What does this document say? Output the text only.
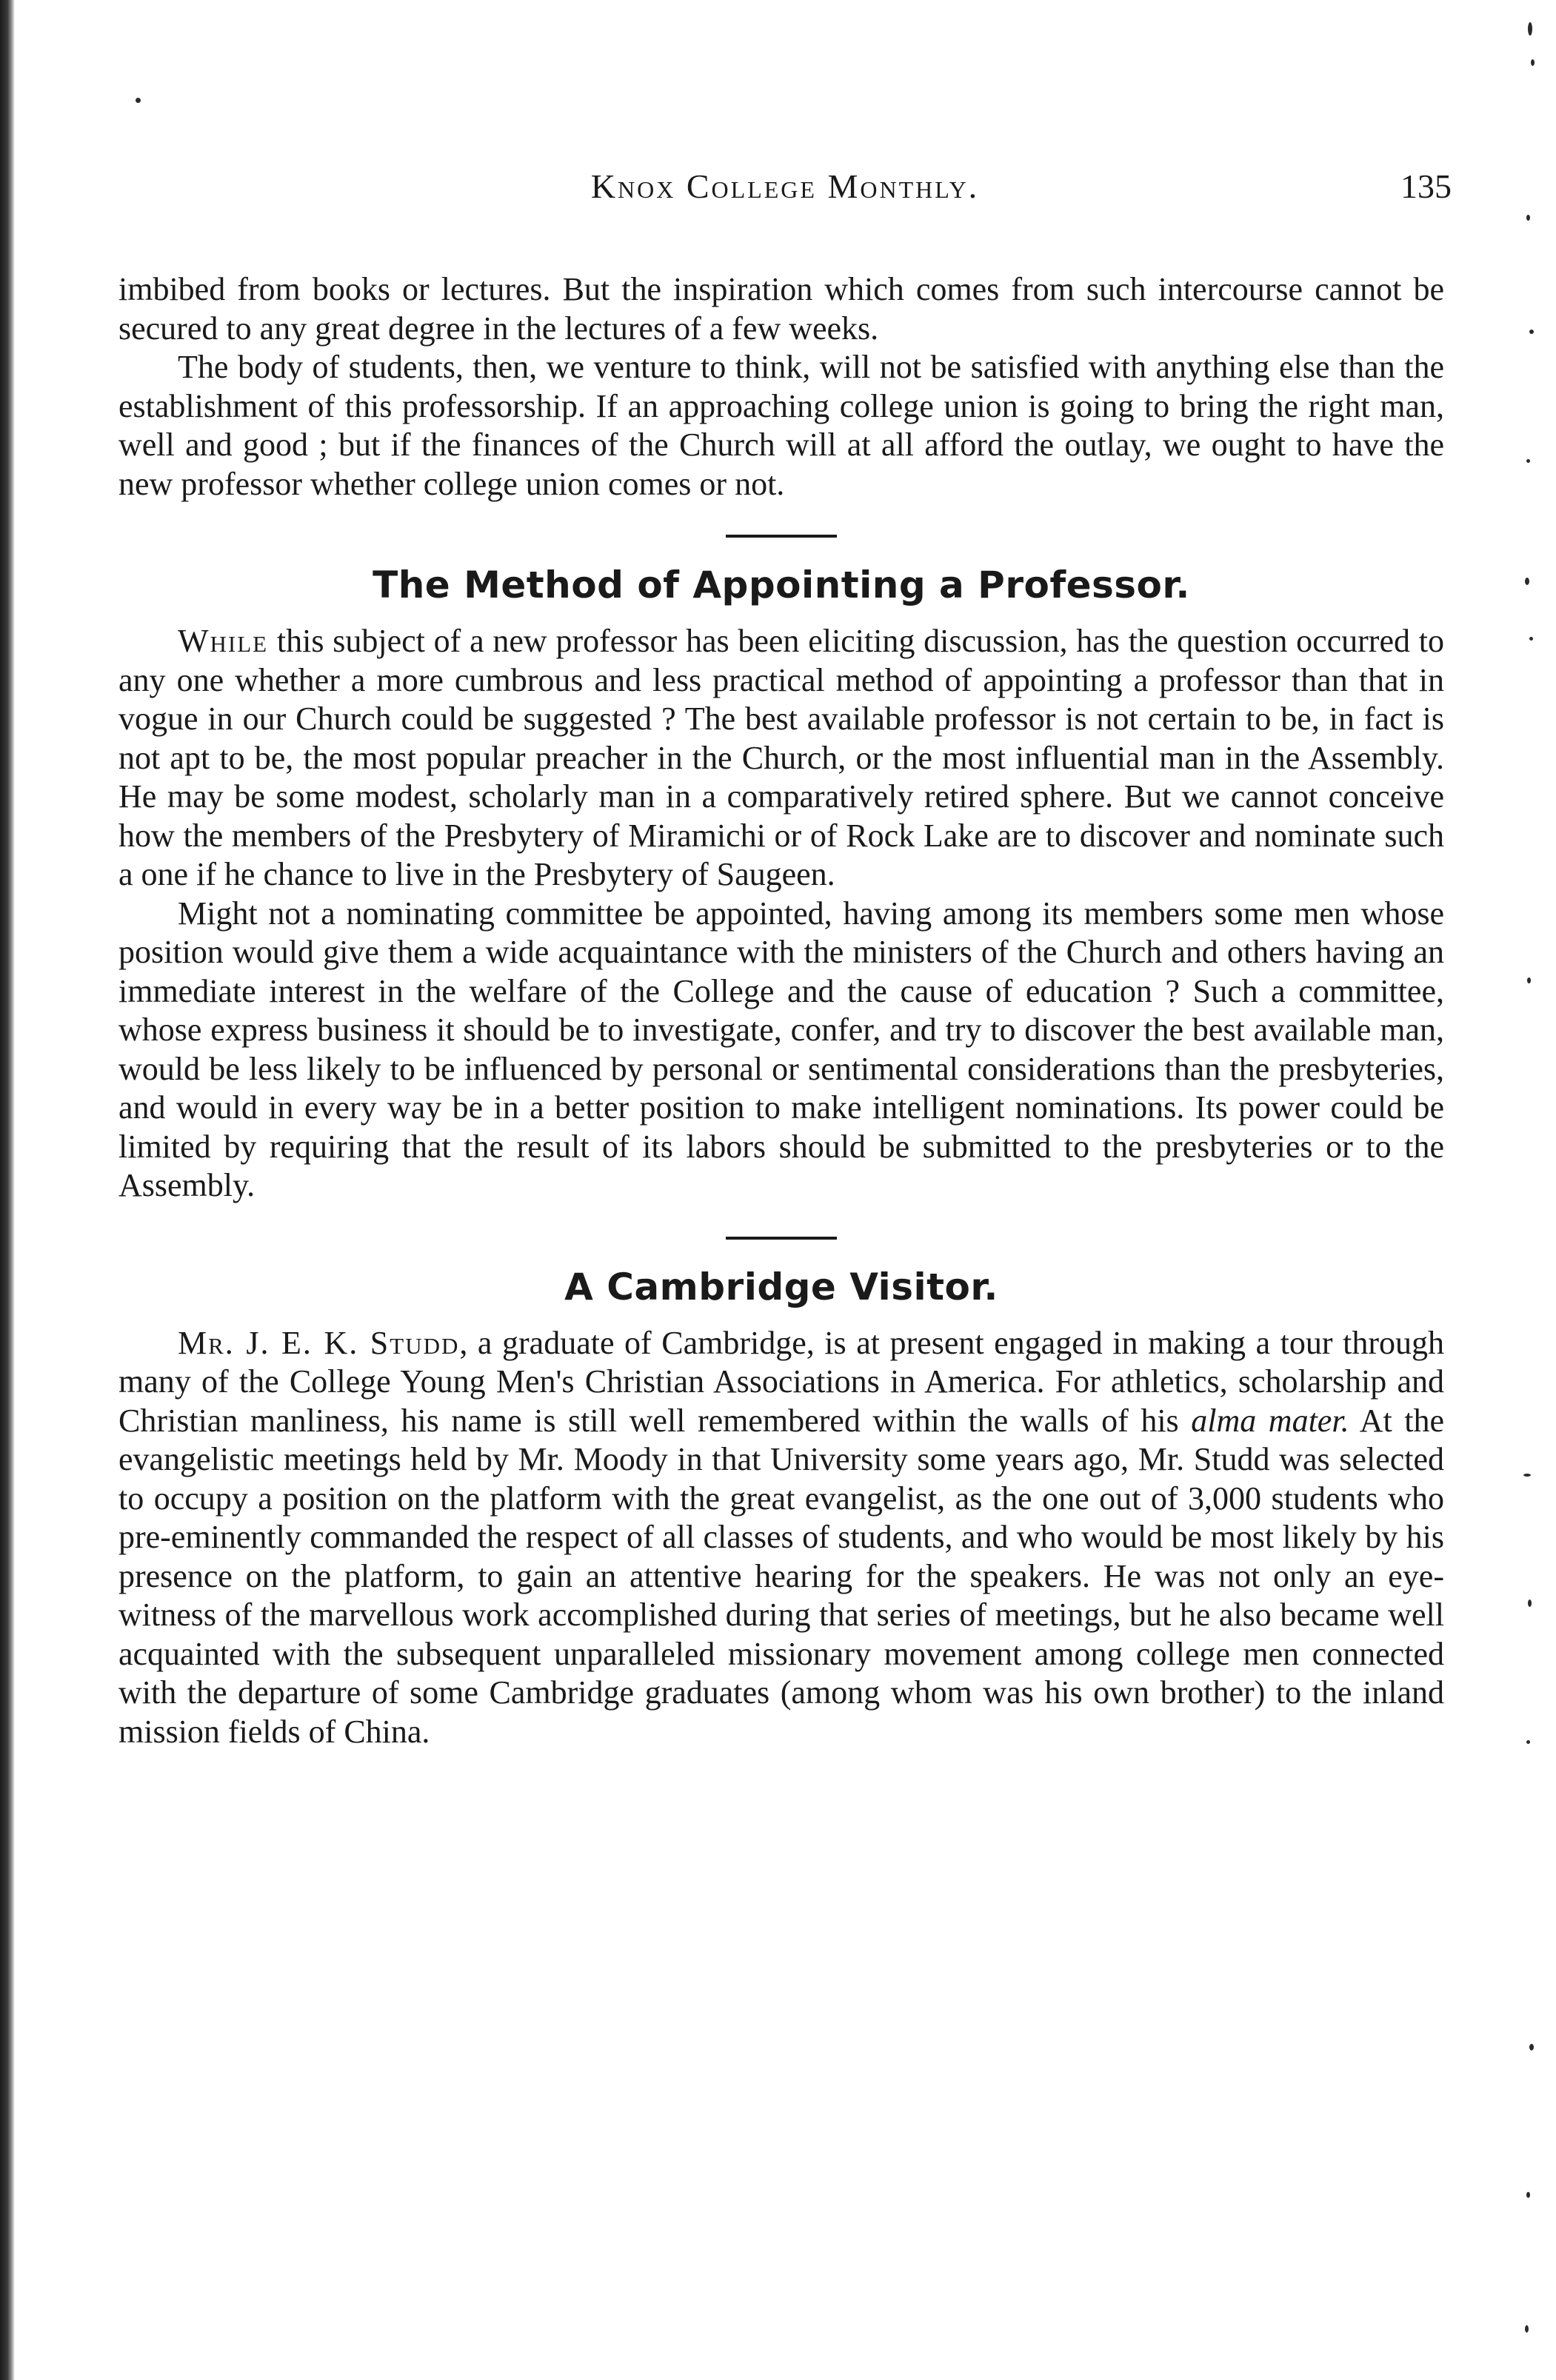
Knox College Monthly.	135

imbibed from books or lectures. But the inspiration which comes from such intercourse cannot be secured to any great degree in the lectures of a few weeks.

The body of students, then, we venture to think, will not be satisfied with anything else than the establishment of this professorship. If an approaching college union is going to bring the right man, well and good ; but if the finances of the Church will at all afford the outlay, we ought to have the new professor whether college union comes or not.

The Method of Appointing a Professor.

While this subject of a new professor has been eliciting discussion, has the question occurred to any one whether a more cumbrous and less practical method of appointing a professor than that in vogue in our Church could be suggested ? The best available professor is not certain to be, in fact is not apt to be, the most popular preacher in the Church, or the most influential man in the Assembly. He may be some modest, scholarly man in a comparatively retired sphere. But we cannot conceive how the members of the Presbytery of Miramichi or of Rock Lake are to discover and nominate such a one if he chance to live in the Presbytery of Saugeen.

Might not a nominating committee be appointed, having among its members some men whose position would give them a wide acquaintance with the ministers of the Church and others having an immediate interest in the welfare of the College and the cause of education ? Such a committee, whose express business it should be to investigate, confer, and try to discover the best available man, would be less likely to be influenced by personal or sentimental considerations than the presbyteries, and would in every way be in a better position to make intelligent nominations. Its power could be limited by requiring that the result of its labors should be submitted to the presbyteries or to the Assembly.

A Cambridge Visitor.

Mr. J. E. K. Studd, a graduate of Cambridge, is at present engaged in making a tour through many of the College Young Men's Christian Associations in America. For athletics, scholarship and Christian manliness, his name is still well remembered within the walls of his alma mater. At the evangelistic meetings held by Mr. Moody in that University some years ago, Mr. Studd was selected to occupy a position on the platform with the great evangelist, as the one out of 3,000 students who pre-eminently commanded the respect of all classes of students, and who would be most likely by his presence on the platform, to gain an attentive hearing for the speakers. He was not only an eye-witness of the marvellous work accomplished during that series of meetings, but he also became well acquainted with the subsequent unparalleled missionary movement among college men connected with the departure of some Cambridge graduates (among whom was his own brother) to the inland mission fields of China.
